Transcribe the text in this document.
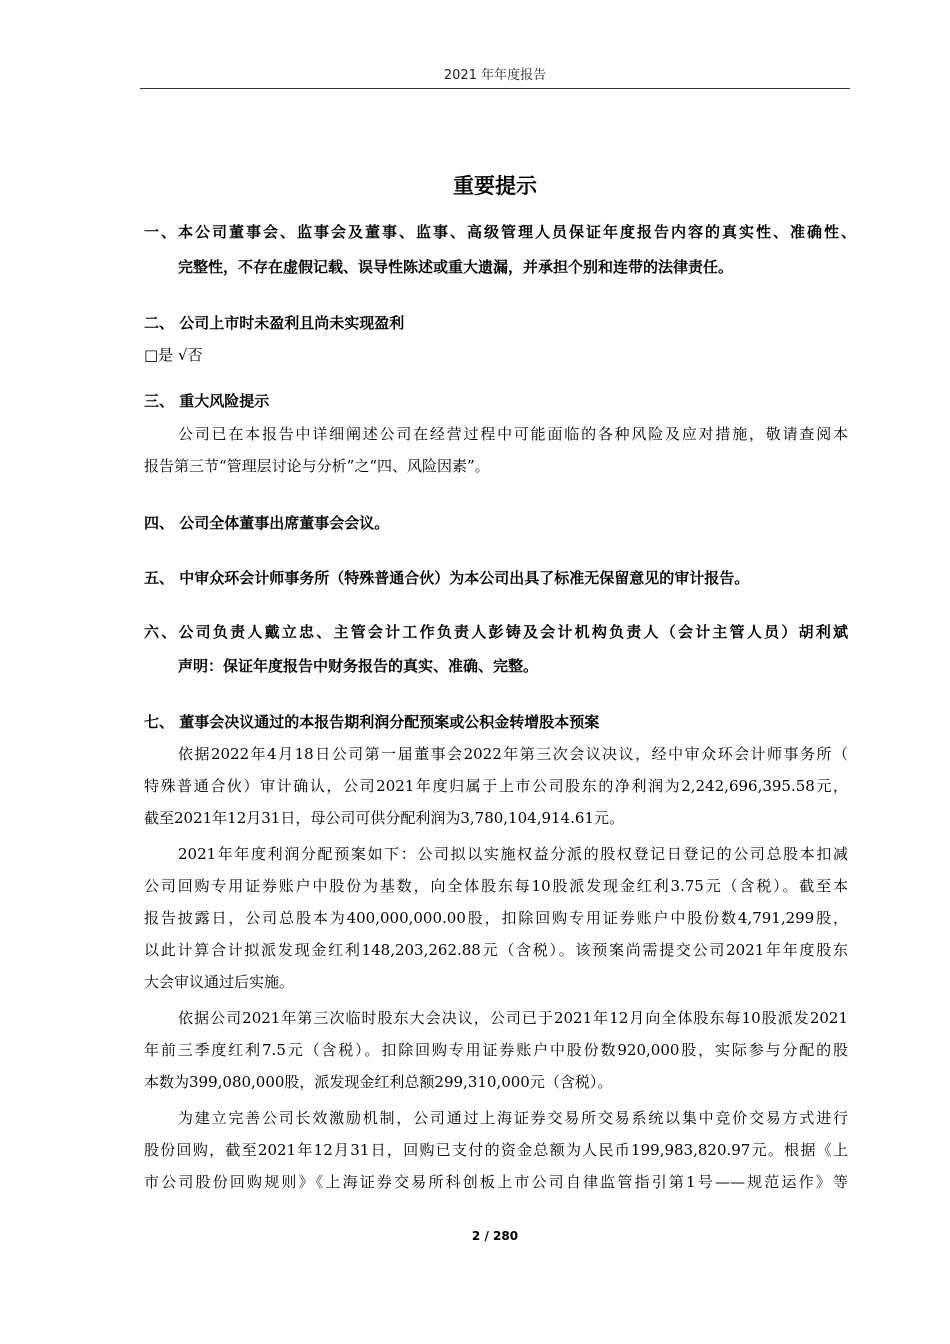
2021 年年度报告
重要提示
一、本公司董事会、监事会及董事、监事、高级管理人员保证年度报告内容的真实性、准确性、
完整性，不存在虚假记载、误导性陈述或重大遗漏，并承担个别和连带的法律责任。
二、 公司上市时未盈利且尚未实现盈利
□是 √否
三、 重大风险提示
公司已在本报告中详细阐述公司在经营过程中可能面临的各种风险及应对措施，敬请查阅本
报告第三节“管理层讨论与分析”之“四、风险因素”。
四、 公司全体董事出席董事会会议。
五、 中审众环会计师事务所（特殊普通合伙）为本公司出具了标准无保留意见的审计报告。
六、公司负责人戴立忠、主管会计工作负责人彭铸及会计机构负责人（会计主管人员）胡利斌
声明：保证年度报告中财务报告的真实、准确、完整。
七、 董事会决议通过的本报告期利润分配预案或公积金转增股本预案
依据2022年4月18日公司第一届董事会2022年第三次会议决议，经中审众环会计师事务所（
特殊普通合伙）审计确认，公司2021年度归属于上市公司股东的净利润为2,242,696,395.58元，
截至2021年12月31日，母公司可供分配利润为3,780,104,914.61元。
2021年年度利润分配预案如下：公司拟以实施权益分派的股权登记日登记的公司总股本扣减
公司回购专用证券账户中股份为基数，向全体股东每10股派发现金红利3.75元（含税）。截至本
报告披露日，公司总股本为400,000,000.00股，扣除回购专用证券账户中股份数4,791,299股，
以此计算合计拟派发现金红利148,203,262.88元（含税）。该预案尚需提交公司2021年年度股东
大会审议通过后实施。
依据公司2021年第三次临时股东大会决议，公司已于2021年12月向全体股东每10股派发2021
年前三季度红利7.5元（含税）。扣除回购专用证券账户中股份数920,000股，实际参与分配的股
本数为399,080,000股，派发现金红利总额299,310,000元（含税）。
为建立完善公司长效激励机制，公司通过上海证券交易所交易系统以集中竞价交易方式进行
股份回购，截至2021年12月31日，回购已支付的资金总额为人民币199,983,820.97元。根据《上
市公司股份回购规则》《上海证券交易所科创板上市公司自律监管指引第1号——规范运作》等
2 / 280
